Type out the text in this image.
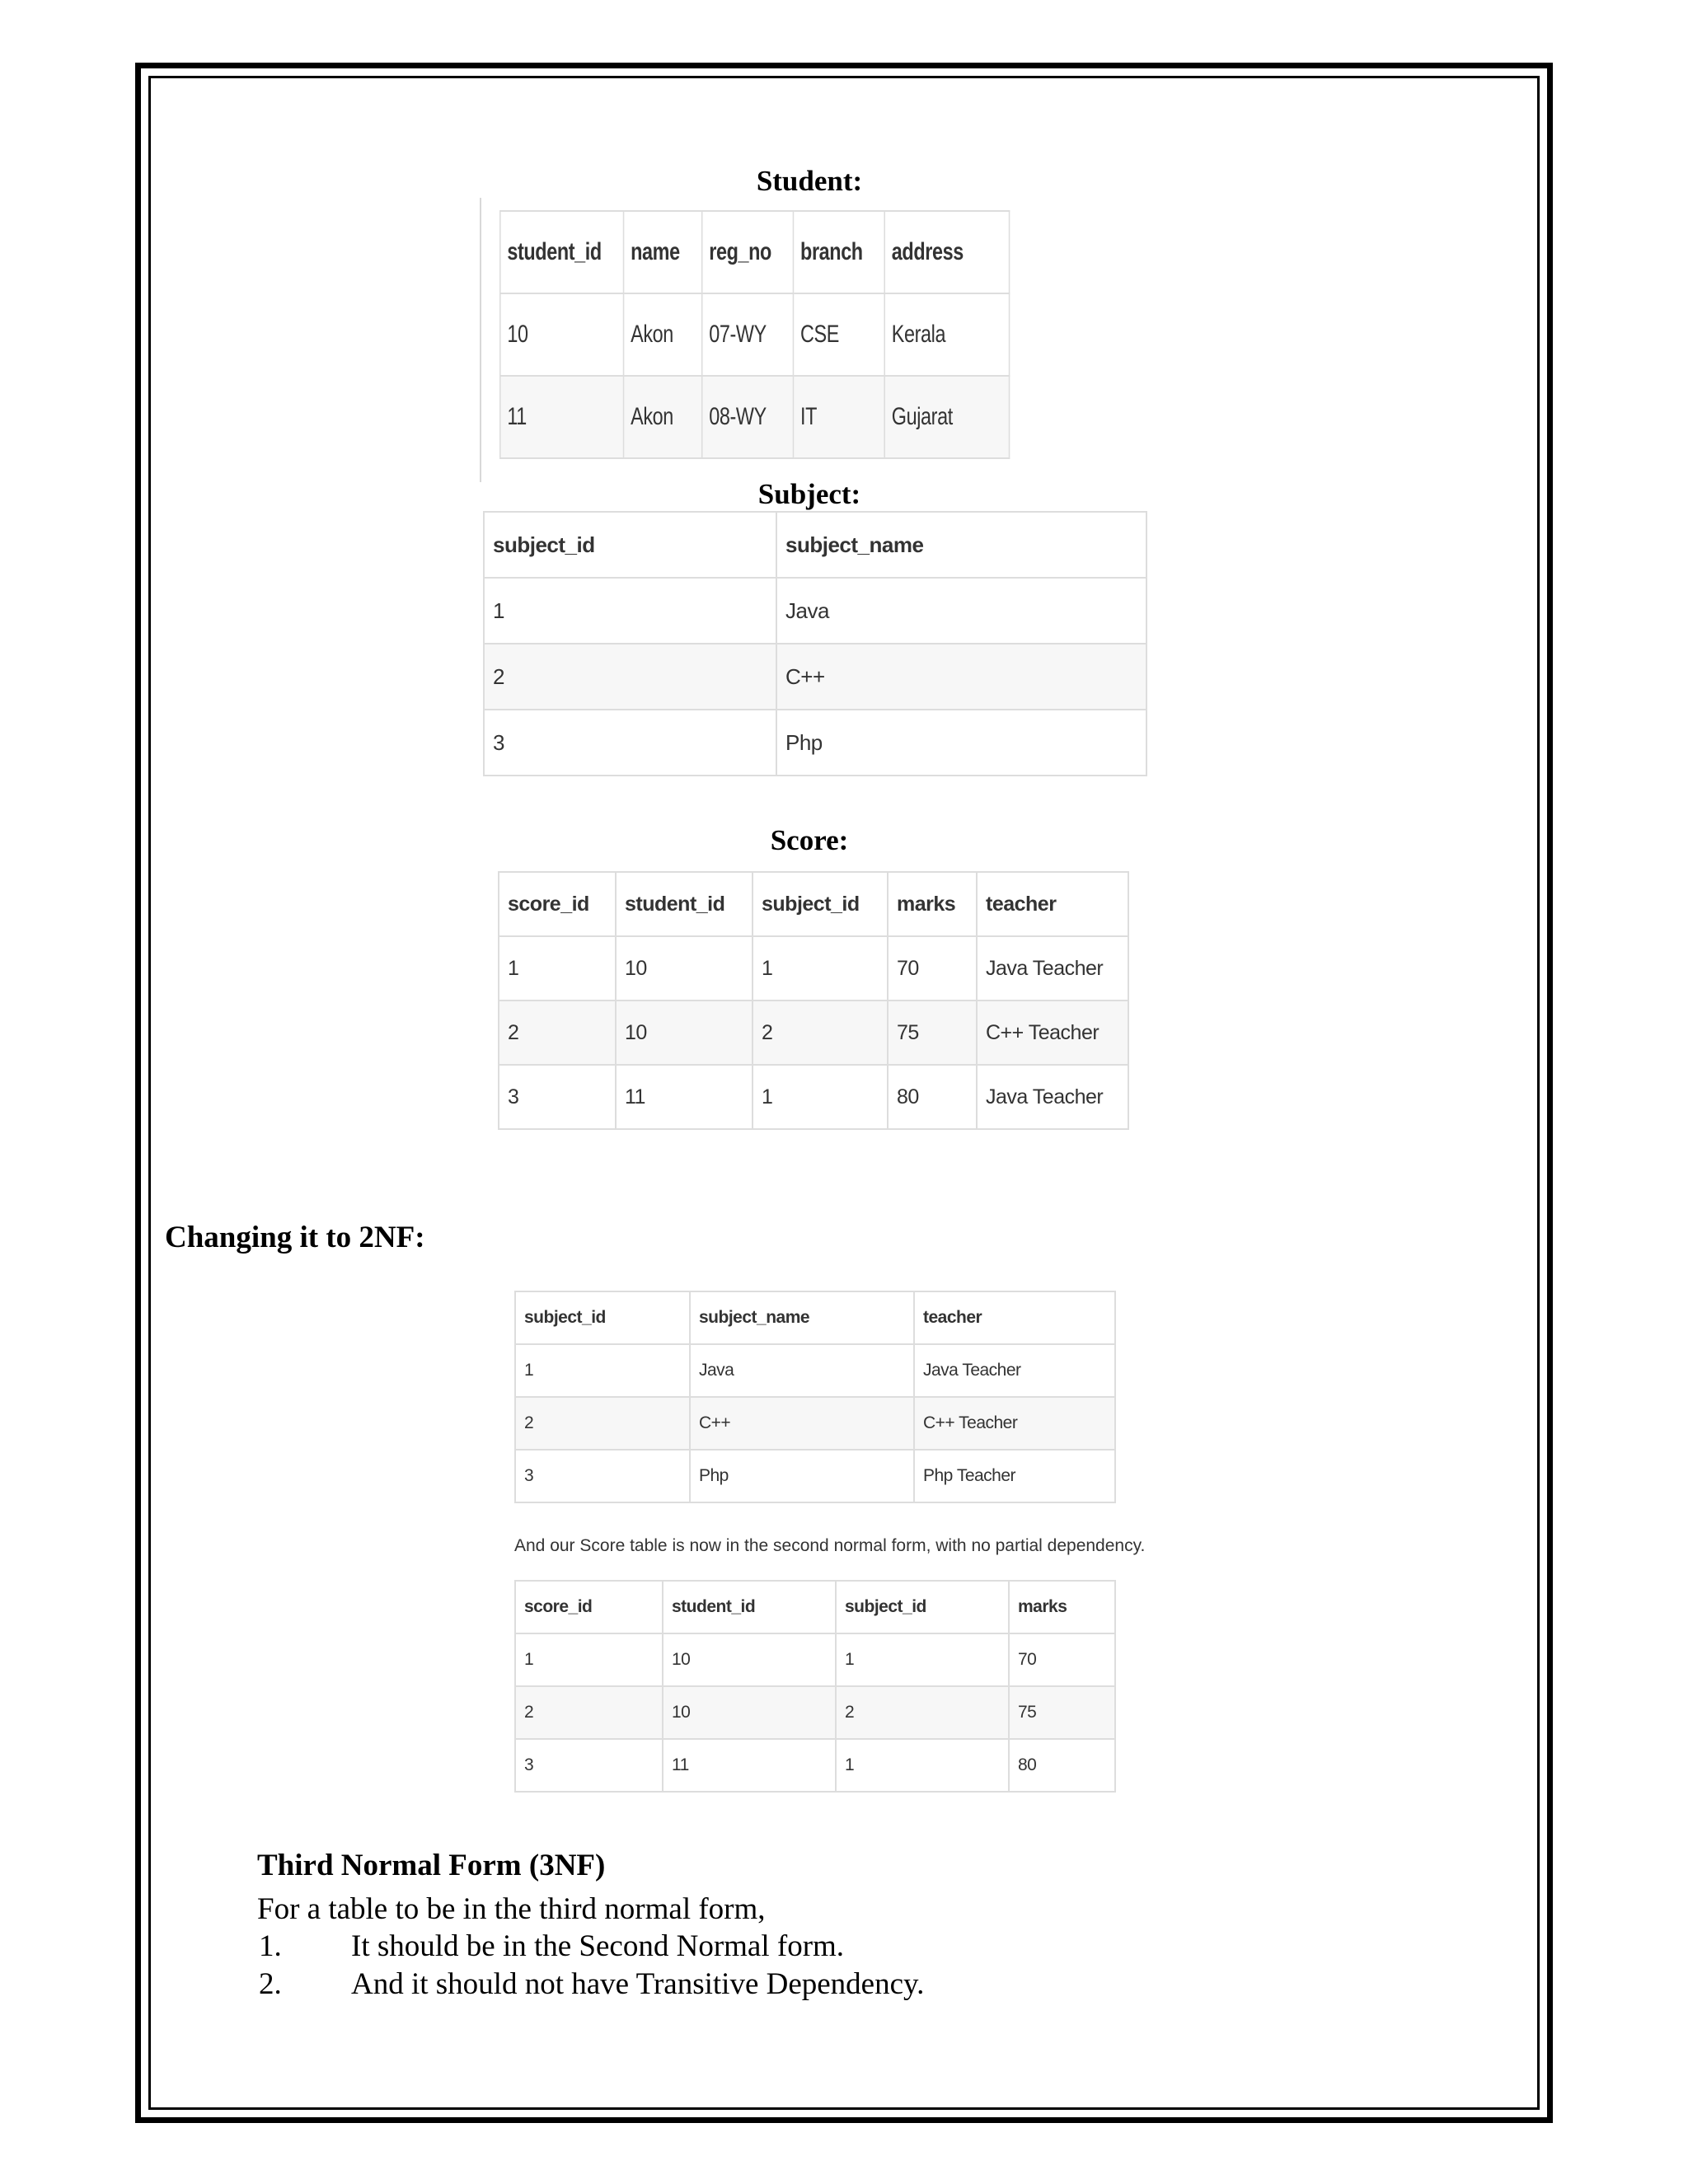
Student:
student_id	name	reg_no	branch	address
10	Akon	07-WY	CSE	Kerala
11	Akon	08-WY	IT	Gujarat
Subject:
subject_id	subject_name
1	Java
2	C++
3	Php
Score:
score_id	student_id	subject_id	marks	teacher
1	10	1	70	Java Teacher
2	10	2	75	C++ Teacher
3	11	1	80	Java Teacher
Changing it to 2NF:
subject_id	subject_name	teacher
1	Java	Java Teacher
2	C++	C++ Teacher
3	Php	Php Teacher
And our Score table is now in the second normal form, with no partial dependency.
score_id	student_id	subject_id	marks
1	10	1	70
2	10	2	75
3	11	1	80
Third Normal Form (3NF)
For a table to be in the third normal form,
1. It should be in the Second Normal form.
2. And it should not have Transitive Dependency.
